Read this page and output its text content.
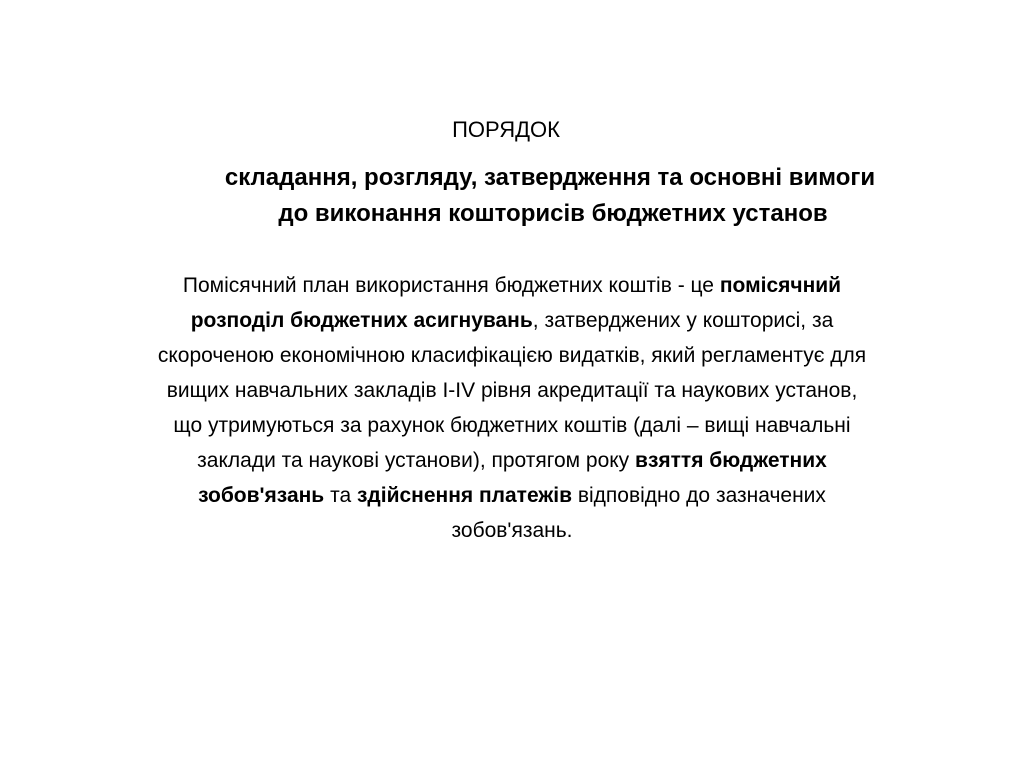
ПОРЯДОК
складання, розгляду, затвердження та основні вимоги
до виконання кошторисів бюджетних установ
Помісячний план використання бюджетних коштів - це помісячний розподіл бюджетних асигнувань, затверджених у кошторисі, за скороченою економічною класифікацією видатків, який регламентує для вищих навчальних закладів І-IV рівня акредитації та наукових установ, що утримуються за рахунок бюджетних коштів (далі – вищі навчальні заклади та наукові установи), протягом року взяття бюджетних зобов'язань та здійснення платежів відповідно до зазначених зобов'язань.
